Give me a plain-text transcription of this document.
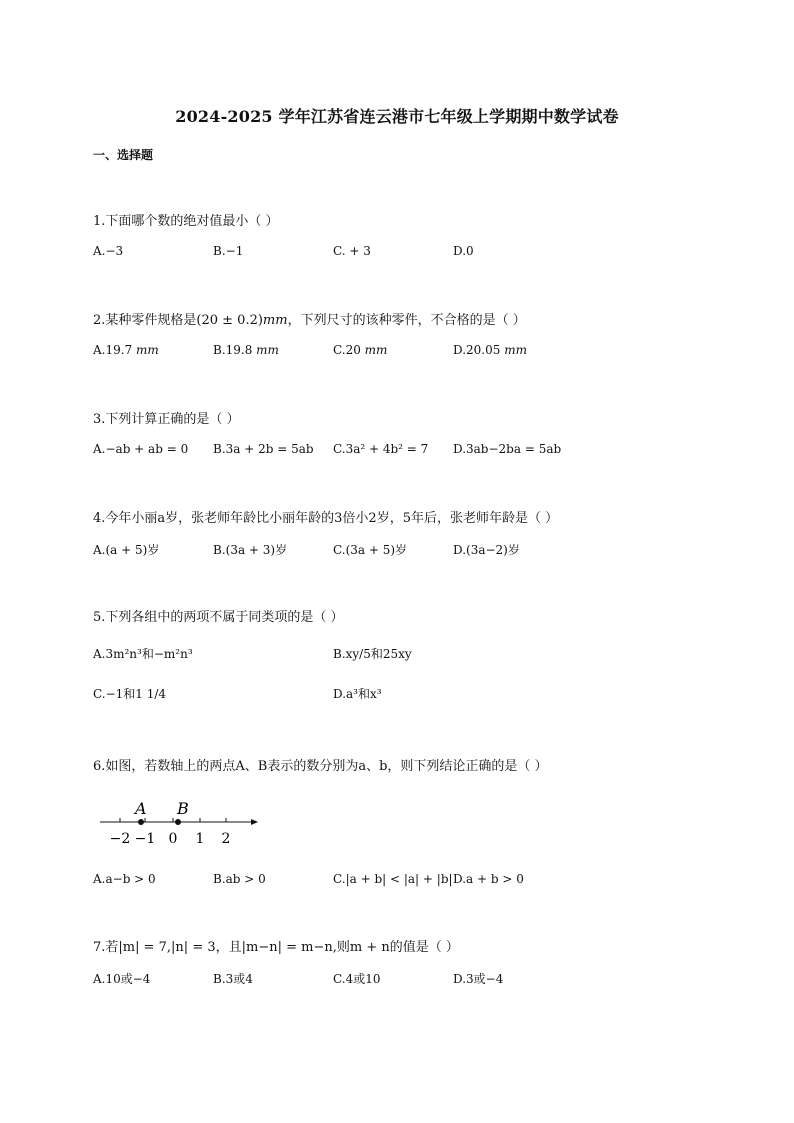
2024-2025 学年江苏省连云港市七年级上学期期中数学试卷
一、选择题
1.下面哪个数的绝对值最小（ ）
A.−3	B.−1	C. + 3	D.0
2.某种零件规格是(20 ± 0.2)mm，下列尺寸的该种零件，不合格的是（ ）
A.19.7 mm	B.19.8 mm	C.20 mm	D.20.05 mm
3.下列计算正确的是（ ）
A.−ab + ab = 0 B.3a + 2b = 5ab C.3a² + 4b² = 7 D.3ab−2ba = 5ab
4.今年小丽a岁，张老师年龄比小丽年龄的3倍小2岁，5年后，张老师年龄是（ ）
A.(a + 5)岁	B.(3a + 3)岁	C.(3a + 5)岁	D.(3a−2)岁
5.下列各组中的两项不属于同类项的是（ ）
A.3m²n³和−m²n³	B.xy/5和25xy
C.−1和1 1/4	D.a³和x³
6.如图，若数轴上的两点A、B表示的数分别为a、b，则下列结论正确的是（ ）
A B
−2 −1 0 1 2
A.a−b > 0	B.ab > 0	C.|a + b| < |a| + |b| D.a + b > 0
7.若|m| = 7,|n| = 3，且|m−n| = m−n,则m + n的值是（ ）
A.10或−4	B.3或4	C.4或10	D.3或−4
